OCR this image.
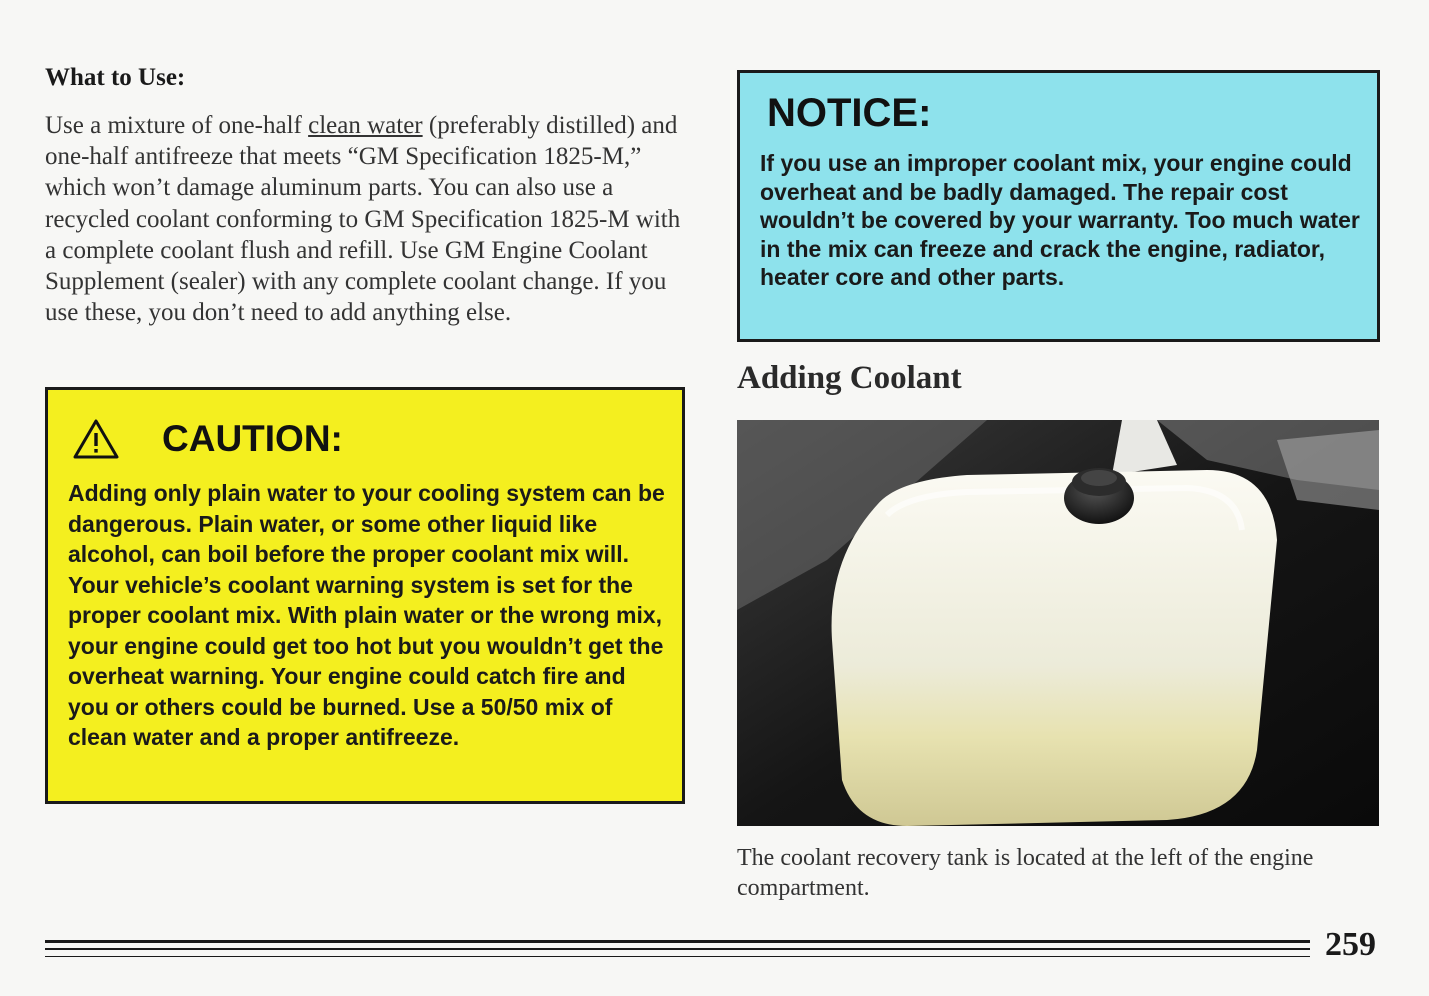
What to Use:

Use a mixture of one-half clean water (preferably distilled) and one-half antifreeze that meets “GM Specification 1825-M,” which won’t damage aluminum parts. You can also use a recycled coolant conforming to GM Specification 1825-M with a complete coolant flush and refill. Use GM Engine Coolant Supplement (sealer) with any complete coolant change. If you use these, you don’t need to add anything else.

CAUTION:

Adding only plain water to your cooling system can be dangerous. Plain water, or some other liquid like alcohol, can boil before the proper coolant mix will. Your vehicle’s coolant warning system is set for the proper coolant mix. With plain water or the wrong mix, your engine could get too hot but you wouldn’t get the overheat warning. Your engine could catch fire and you or others could be burned. Use a 50/50 mix of clean water and a proper antifreeze.

NOTICE:

If you use an improper coolant mix, your engine could overheat and be badly damaged. The repair cost wouldn’t be covered by your warranty. Too much water in the mix can freeze and crack the engine, radiator, heater core and other parts.

Adding Coolant

The coolant recovery tank is located at the left of the engine compartment.

259
